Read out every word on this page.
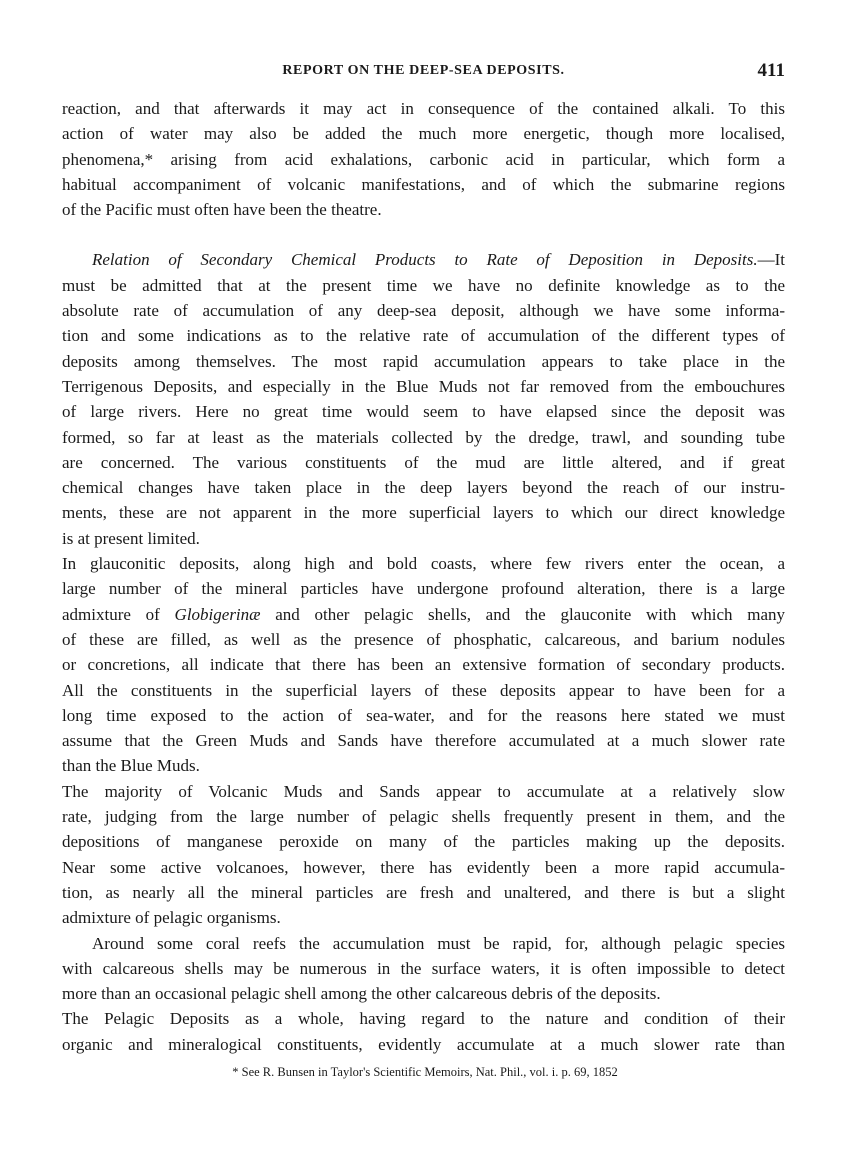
REPORT ON THE DEEP-SEA DEPOSITS.	411
reaction, and that afterwards it may act in consequence of the contained alkali. To this
action of water may also be added the much more energetic, though more localised,
phenomena,* arising from acid exhalations, carbonic acid in particular, which form a
habitual accompaniment of volcanic manifestations, and of which the submarine regions
of the Pacific must often have been the theatre.
Relation of Secondary Chemical Products to Rate of Deposition in Deposits.—It
must be admitted that at the present time we have no definite knowledge as to the
absolute rate of accumulation of any deep-sea deposit, although we have some informa-
tion and some indications as to the relative rate of accumulation of the different types of
deposits among themselves. The most rapid accumulation appears to take place in the
Terrigenous Deposits, and especially in the Blue Muds not far removed from the embouchures
of large rivers. Here no great time would seem to have elapsed since the deposit was
formed, so far at least as the materials collected by the dredge, trawl, and sounding tube
are concerned. The various constituents of the mud are little altered, and if great
chemical changes have taken place in the deep layers beyond the reach of our instru-
ments, these are not apparent in the more superficial layers to which our direct knowledge
is at present limited.
In glauconitic deposits, along high and bold coasts, where few rivers enter the ocean, a
large number of the mineral particles have undergone profound alteration, there is a large
admixture of Globigerinæ and other pelagic shells, and the glauconite with which many
of these are filled, as well as the presence of phosphatic, calcareous, and barium nodules
or concretions, all indicate that there has been an extensive formation of secondary products.
All the constituents in the superficial layers of these deposits appear to have been for a
long time exposed to the action of sea-water, and for the reasons here stated we must
assume that the Green Muds and Sands have therefore accumulated at a much slower rate
than the Blue Muds.
The majority of Volcanic Muds and Sands appear to accumulate at a relatively slow
rate, judging from the large number of pelagic shells frequently present in them, and the
depositions of manganese peroxide on many of the particles making up the deposits.
Near some active volcanoes, however, there has evidently been a more rapid accumula-
tion, as nearly all the mineral particles are fresh and unaltered, and there is but a slight
admixture of pelagic organisms.
Around some coral reefs the accumulation must be rapid, for, although pelagic species
with calcareous shells may be numerous in the surface waters, it is often impossible to detect
more than an occasional pelagic shell among the other calcareous debris of the deposits.
The Pelagic Deposits as a whole, having regard to the nature and condition of their
organic and mineralogical constituents, evidently accumulate at a much slower rate than
* See R. Bunsen in Taylor's Scientific Memoirs, Nat. Phil., vol. i. p. 69, 1852
